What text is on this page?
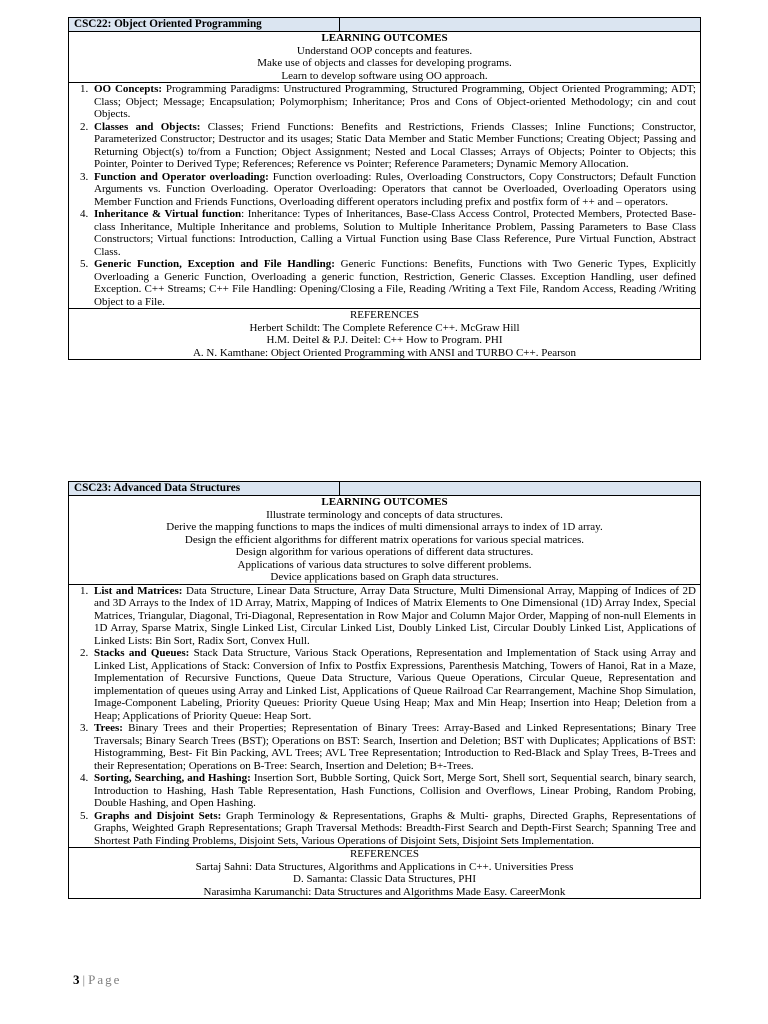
CSC22: Object Oriented Programming	

LEARNING OUTCOMES
Understand OOP concepts and features.
Make use of objects and classes for developing programs.
Learn to develop software using OO approach.

1. OO Concepts: Programming Paradigms: Unstructured Programming, Structured Programming, Object Oriented Programming; ADT; Class; Object; Message; Encapsulation; Polymorphism; Inheritance; Pros and Cons of Object-oriented Methodology; cin and cout Objects.
2. Classes and Objects: Classes; Friend Functions: Benefits and Restrictions, Friends Classes; Inline Functions; Constructor, Parameterized Constructor; Destructor and its usages; Static Data Member and Static Member Functions; Creating Object; Passing and Returning Object(s) to/from a Function; Object Assignment; Nested and Local Classes; Arrays of Objects; Pointer to Objects; this Pointer, Pointer to Derived Type; References; Reference vs Pointer; Reference Parameters; Dynamic Memory Allocation.
3. Function and Operator overloading: Function overloading: Rules, Overloading Constructors, Copy Constructors; Default Function Arguments vs. Function Overloading. Operator Overloading: Operators that cannot be Overloaded, Overloading Operators using Member Function and Friends Functions, Overloading different operators including prefix and postfix form of ++ and – operators.
4. Inheritance & Virtual function: Inheritance: Types of Inheritances, Base-Class Access Control, Protected Members, Protected Base-class Inheritance, Multiple Inheritance and problems, Solution to Multiple Inheritance Problem, Passing Parameters to Base Class Constructors; Virtual functions: Introduction, Calling a Virtual Function using Base Class Reference, Pure Virtual Function, Abstract Class.
5. Generic Function, Exception and File Handling: Generic Functions: Benefits, Functions with Two Generic Types, Explicitly Overloading a Generic Function, Overloading a generic function, Restriction, Generic Classes. Exception Handling, user defined Exception. C++ Streams; C++ File Handling: Opening/Closing a File, Reading /Writing a Text File, Random Access, Reading /Writing Object to a File.

REFERENCES
Herbert Schildt: The Complete Reference C++. McGraw Hill
H.M. Deitel & P.J. Deitel: C++ How to Program. PHI
A. N. Kamthane: Object Oriented Programming with ANSI and TURBO C++. Pearson
CSC23: Advanced Data Structures	

LEARNING OUTCOMES
Illustrate terminology and concepts of data structures.
Derive the mapping functions to maps the indices of multi dimensional arrays to index of 1D array.
Design the efficient algorithms for different matrix operations for various special matrices.
Design algorithm for various operations of different data structures.
Applications of various data structures to solve different problems.
Device applications based on Graph data structures.

1. List and Matrices: Data Structure, Linear Data Structure, Array Data Structure, Multi Dimensional Array, Mapping of Indices of 2D and 3D Arrays to the Index of 1D Array, Matrix, Mapping of Indices of Matrix Elements to One Dimensional (1D) Array Index, Special Matrices, Triangular, Diagonal, Tri-Diagonal, Representation in Row Major and Column Major Order, Mapping of non-null Elements in 1D Array, Sparse Matrix, Single Linked List, Circular Linked List, Doubly Linked List, Circular Doubly Linked List, Applications of Linked Lists: Bin Sort, Radix Sort, Convex Hull.
2. Stacks and Queues: Stack Data Structure, Various Stack Operations, Representation and Implementation of Stack using Array and Linked List, Applications of Stack: Conversion of Infix to Postfix Expressions, Parenthesis Matching, Towers of Hanoi, Rat in a Maze, Implementation of Recursive Functions, Queue Data Structure, Various Queue Operations, Circular Queue, Representation and implementation of queues using Array and Linked List, Applications of Queue Railroad Car Rearrangement, Machine Shop Simulation, Image-Component Labeling, Priority Queues: Priority Queue Using Heap; Max and Min Heap; Insertion into Heap; Deletion from a Heap; Applications of Priority Queue: Heap Sort.
3. Trees: Binary Trees and their Properties; Representation of Binary Trees: Array-Based and Linked Representations; Binary Tree Traversals; Binary Search Trees (BST); Operations on BST: Search, Insertion and Deletion; BST with Duplicates; Applications of BST: Histogramming, Best- Fit Bin Packing, AVL Trees; AVL Tree Representation; Introduction to Red-Black and Splay Trees, B-Trees and their Representation; Operations on B-Tree: Search, Insertion and Deletion; B+-Trees.
4. Sorting, Searching, and Hashing: Insertion Sort, Bubble Sorting, Quick Sort, Merge Sort, Shell sort, Sequential search, binary search, Introduction to Hashing, Hash Table Representation, Hash Functions, Collision and Overflows, Linear Probing, Random Probing, Double Hashing, and Open Hashing.
5. Graphs and Disjoint Sets: Graph Terminology & Representations, Graphs & Multi- graphs, Directed Graphs, Representations of Graphs, Weighted Graph Representations; Graph Traversal Methods: Breadth-First Search and Depth-First Search; Spanning Tree and Shortest Path Finding Problems, Disjoint Sets, Various Operations of Disjoint Sets, Disjoint Sets Implementation.

REFERENCES
Sartaj Sahni: Data Structures, Algorithms and Applications in C++. Universities Press
D. Samanta: Classic Data Structures, PHI
Narasimha Karumanchi: Data Structures and Algorithms Made Easy. CareerMonk
3 | Page
